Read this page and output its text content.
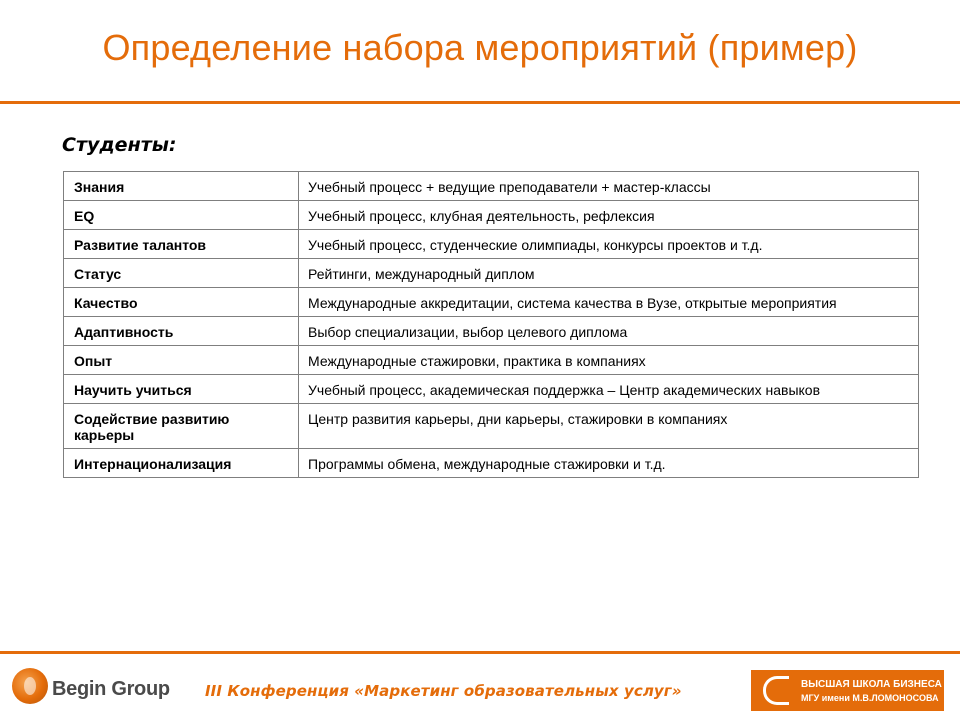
Определение набора мероприятий (пример)
Студенты:
Знания	Учебный процесс + ведущие преподаватели + мастер-классы
EQ	Учебный процесс, клубная деятельность, рефлексия
Развитие талантов	Учебный процесс, студенческие олимпиады, конкурсы проектов и т.д.
Статус	Рейтинги, международный диплом
Качество	Международные аккредитации, система качества в Вузе, открытые мероприятия
Адаптивность	Выбор специализации, выбор целевого диплома
Опыт	Международные стажировки, практика в компаниях
Научить учиться	Учебный процесс, академическая поддержка – Центр академических навыков
Содействие развитию карьеры	Центр развития карьеры, дни карьеры, стажировки в компаниях
Интернационализация	Программы обмена, международные стажировки и т.д.
Begin Group III Конференция «Маркетинг образовательных услуг»	ВЫСШАЯ ШКОЛА БИЗНЕСА
МГУ имени М.В.ЛОМОНОСОВА
